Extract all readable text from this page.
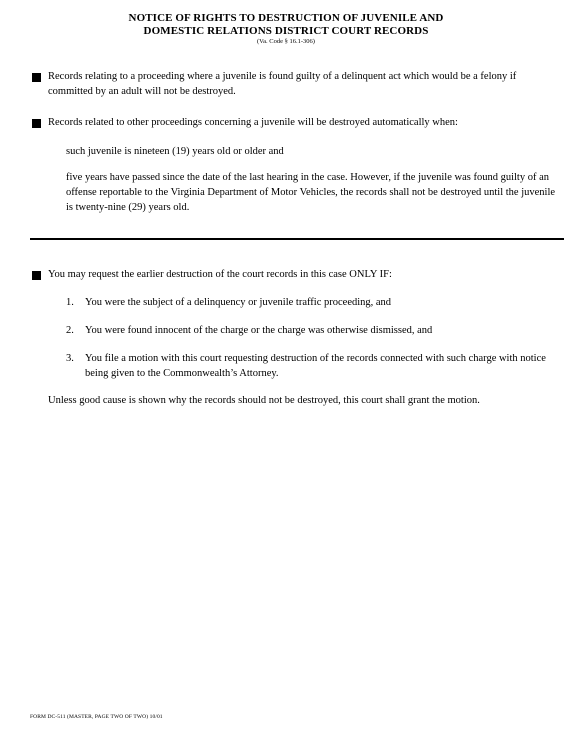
NOTICE OF RIGHTS TO DESTRUCTION OF JUVENILE AND
DOMESTIC RELATIONS DISTRICT COURT RECORDS
(Va. Code § 16.1-306)
Records relating to a proceeding where a juvenile is found guilty of a delinquent act which would be a felony if committed by an adult will not be destroyed.
Records related to other proceedings concerning a juvenile will be destroyed automatically when:
such juvenile is nineteen (19) years old or older and
five years have passed since the date of the last hearing in the case. However, if the juvenile was found guilty of an offense reportable to the Virginia Department of Motor Vehicles, the records shall not be destroyed until the juvenile is twenty-nine (29) years old.
You may request the earlier destruction of the court records in this case ONLY IF:
1. You were the subject of a delinquency or juvenile traffic proceeding, and
2. You were found innocent of the charge or the charge was otherwise dismissed, and
3. You file a motion with this court requesting destruction of the records connected with such charge with notice being given to the Commonwealth’s Attorney.
Unless good cause is shown why the records should not be destroyed, this court shall grant the motion.
FORM DC-511 (MASTER, PAGE TWO OF TWO) 10/01
